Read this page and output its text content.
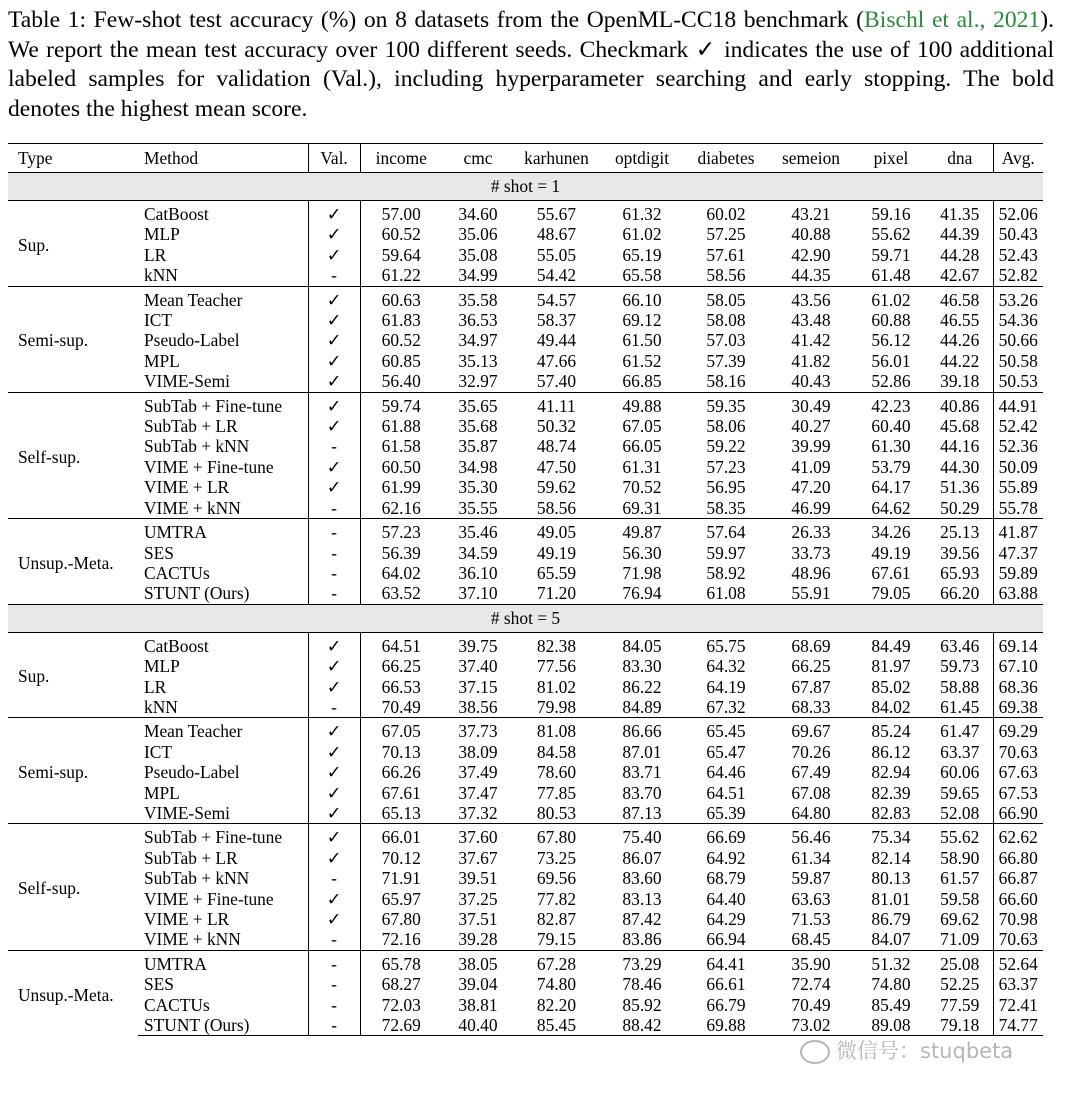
Table 1: Few-shot test accuracy (%) on 8 datasets from the OpenML-CC18 benchmark (Bischl et al., 2021). We report the mean test accuracy over 100 different seeds. Checkmark ✓ indicates the use of 100 additional labeled samples for validation (Val.), including hyperparameter searching and early stopping. The bold denotes the highest mean score.
Type	Method	Val.	income	cmc	karhunen	optdigit	diabetes	semeion	pixel	dna	Avg.
# shot = 1											
Sup.	CatBoost	✓	57.00	34.60	55.67	61.32	60.02	43.21	59.16	41.35	52.06
	MLP	✓	60.52	35.06	48.67	61.02	57.25	40.88	55.62	44.39	50.43
	LR	✓	59.64	35.08	55.05	65.19	57.61	42.90	59.71	44.28	52.43
	kNN	-	61.22	34.99	54.42	65.58	58.56	44.35	61.48	42.67	52.82
Semi-sup.	Mean Teacher	✓	60.63	35.58	54.57	66.10	58.05	43.56	61.02	46.58	53.26
	ICT	✓	61.83	36.53	58.37	69.12	58.08	43.48	60.88	46.55	54.36
	Pseudo-Label	✓	60.52	34.97	49.44	61.50	57.03	41.42	56.12	44.26	50.66
	MPL	✓	60.85	35.13	47.66	61.52	57.39	41.82	56.01	44.22	50.58
	VIME-Semi	✓	56.40	32.97	57.40	66.85	58.16	40.43	52.86	39.18	50.53
Self-sup.	SubTab + Fine-tune	✓	59.74	35.65	41.11	49.88	59.35	30.49	42.23	40.86	44.91
	SubTab + LR	✓	61.88	35.68	50.32	67.05	58.06	40.27	60.40	45.68	52.42
	SubTab + kNN	-	61.58	35.87	48.74	66.05	59.22	39.99	61.30	44.16	52.36
	VIME + Fine-tune	✓	60.50	34.98	47.50	61.31	57.23	41.09	53.79	44.30	50.09
	VIME + LR	✓	61.99	35.30	59.62	70.52	56.95	47.20	64.17	51.36	55.89
	VIME + kNN	-	62.16	35.55	58.56	69.31	58.35	46.99	64.62	50.29	55.78
Unsup.-Meta.	UMTRA	-	57.23	35.46	49.05	49.87	57.64	26.33	34.26	25.13	41.87
	SES	-	56.39	34.59	49.19	56.30	59.97	33.73	49.19	39.56	47.37
	CACTUs	-	64.02	36.10	65.59	71.98	58.92	48.96	67.61	65.93	59.89
	STUNT (Ours)	-	63.52	37.10	71.20	76.94	61.08	55.91	79.05	66.20	63.88
# shot = 5											
Sup.	CatBoost	✓	64.51	39.75	82.38	84.05	65.75	68.69	84.49	63.46	69.14
	MLP	✓	66.25	37.40	77.56	83.30	64.32	66.25	81.97	59.73	67.10
	LR	✓	66.53	37.15	81.02	86.22	64.19	67.87	85.02	58.88	68.36
	kNN	-	70.49	38.56	79.98	84.89	67.32	68.33	84.02	61.45	69.38
Semi-sup.	Mean Teacher	✓	67.05	37.73	81.08	86.66	65.45	69.67	85.24	61.47	69.29
	ICT	✓	70.13	38.09	84.58	87.01	65.47	70.26	86.12	63.37	70.63
	Pseudo-Label	✓	66.26	37.49	78.60	83.71	64.46	67.49	82.94	60.06	67.63
	MPL	✓	67.61	37.47	77.85	83.70	64.51	67.08	82.39	59.65	67.53
	VIME-Semi	✓	65.13	37.32	80.53	87.13	65.39	64.80	82.83	52.08	66.90
Self-sup.	SubTab + Fine-tune	✓	66.01	37.60	67.80	75.40	66.69	56.46	75.34	55.62	62.62
	SubTab + LR	✓	70.12	37.67	73.25	86.07	64.92	61.34	82.14	58.90	66.80
	SubTab + kNN	-	71.91	39.51	69.56	83.60	68.79	59.87	80.13	61.57	66.87
	VIME + Fine-tune	✓	65.97	37.25	77.82	83.13	64.40	63.63	81.01	59.58	66.60
	VIME + LR	✓	67.80	37.51	82.87	87.42	64.29	71.53	86.79	69.62	70.98
	VIME + kNN	-	72.16	39.28	79.15	83.86	66.94	68.45	84.07	71.09	70.63
Unsup.-Meta.	UMTRA	-	65.78	38.05	67.28	73.29	64.41	35.90	51.32	25.08	52.64
	SES	-	68.27	39.04	74.80	78.46	66.61	72.74	74.80	52.25	63.37
	CACTUs	-	72.03	38.81	82.20	85.92	66.79	70.49	85.49	77.59	72.41
	STUNT (Ours)	-	72.69	40.40	85.45	88.42	69.88	73.02	89.08	79.18	74.77
微信号：stuqbeta
